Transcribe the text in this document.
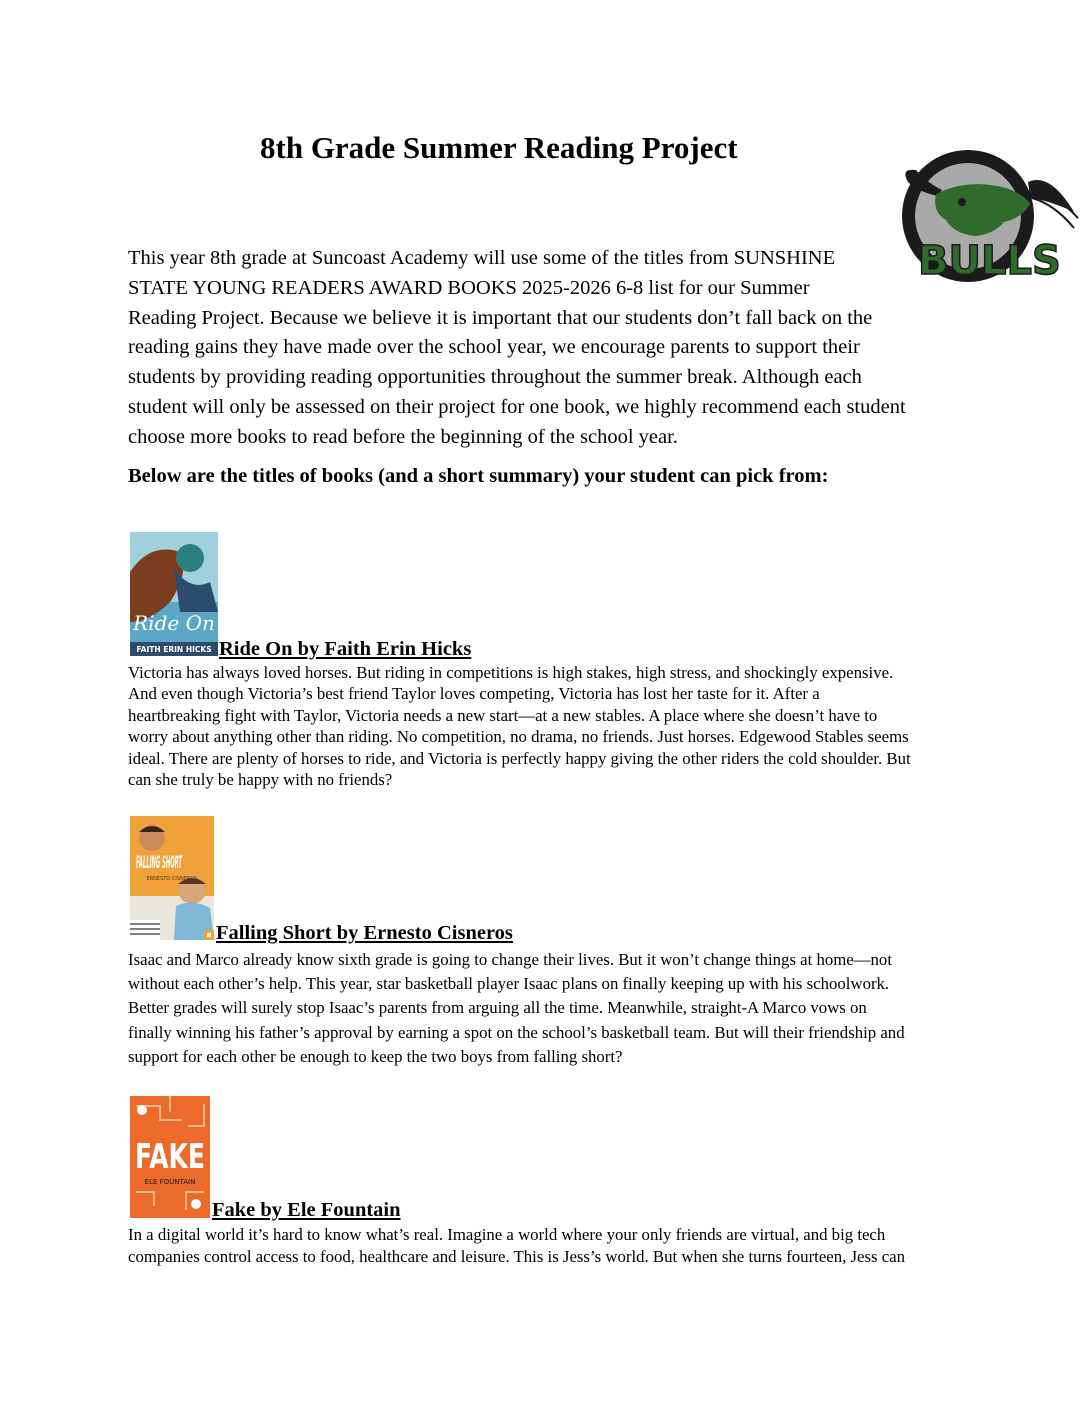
8th Grade Summer Reading Project
BULLS

This year 8th grade at Suncoast Academy will use some of the titles from SUNSHINE
STATE YOUNG READERS AWARD BOOKS 2025-2026 6-8 list for our Summer
Reading Project. Because we believe it is important that our students don’t fall back on the
reading gains they have made over the school year, we encourage parents to support their
students by providing reading opportunities throughout the summer break. Although each
student will only be assessed on their project for one book, we highly recommend each student
choose more books to read before the beginning of the school year.

Below are the titles of books (and a short summary) your student can pick from:

Ride On
FAITH ERIN HICKS Ride On by Faith Erin Hicks

Victoria has always loved horses. But riding in competitions is high stakes, high stress, and shockingly expensive.
And even though Victoria’s best friend Taylor loves competing, Victoria has lost her taste for it. After a
heartbreaking fight with Taylor, Victoria needs a new start—at a new stables. A place where she doesn’t have to
worry about anything other than riding. No competition, no drama, no friends. Just horses. Edgewood Stables seems
ideal. There are plenty of horses to ride, and Victoria is perfectly happy giving the other riders the cold shoulder. But
can she truly be happy with no friends?

FALLING SHORT
ERNESTO CISNEROS
Falling Short by Ernesto Cisneros

Isaac and Marco already know sixth grade is going to change their lives. But it won’t change things at home—not
without each other’s help. This year, star basketball player Isaac plans on finally keeping up with his schoolwork.
Better grades will surely stop Isaac’s parents from arguing all the time. Meanwhile, straight-A Marco vows on
finally winning his father’s approval by earning a spot on the school’s basketball team. But will their friendship and
support for each other be enough to keep the two boys from falling short?

FAKE
ELE FOUNTAIN
Fake by Ele Fountain

In a digital world it’s hard to know what’s real. Imagine a world where your only friends are virtual, and big tech
companies control access to food, healthcare and leisure. This is Jess’s world. But when she turns fourteen, Jess can
